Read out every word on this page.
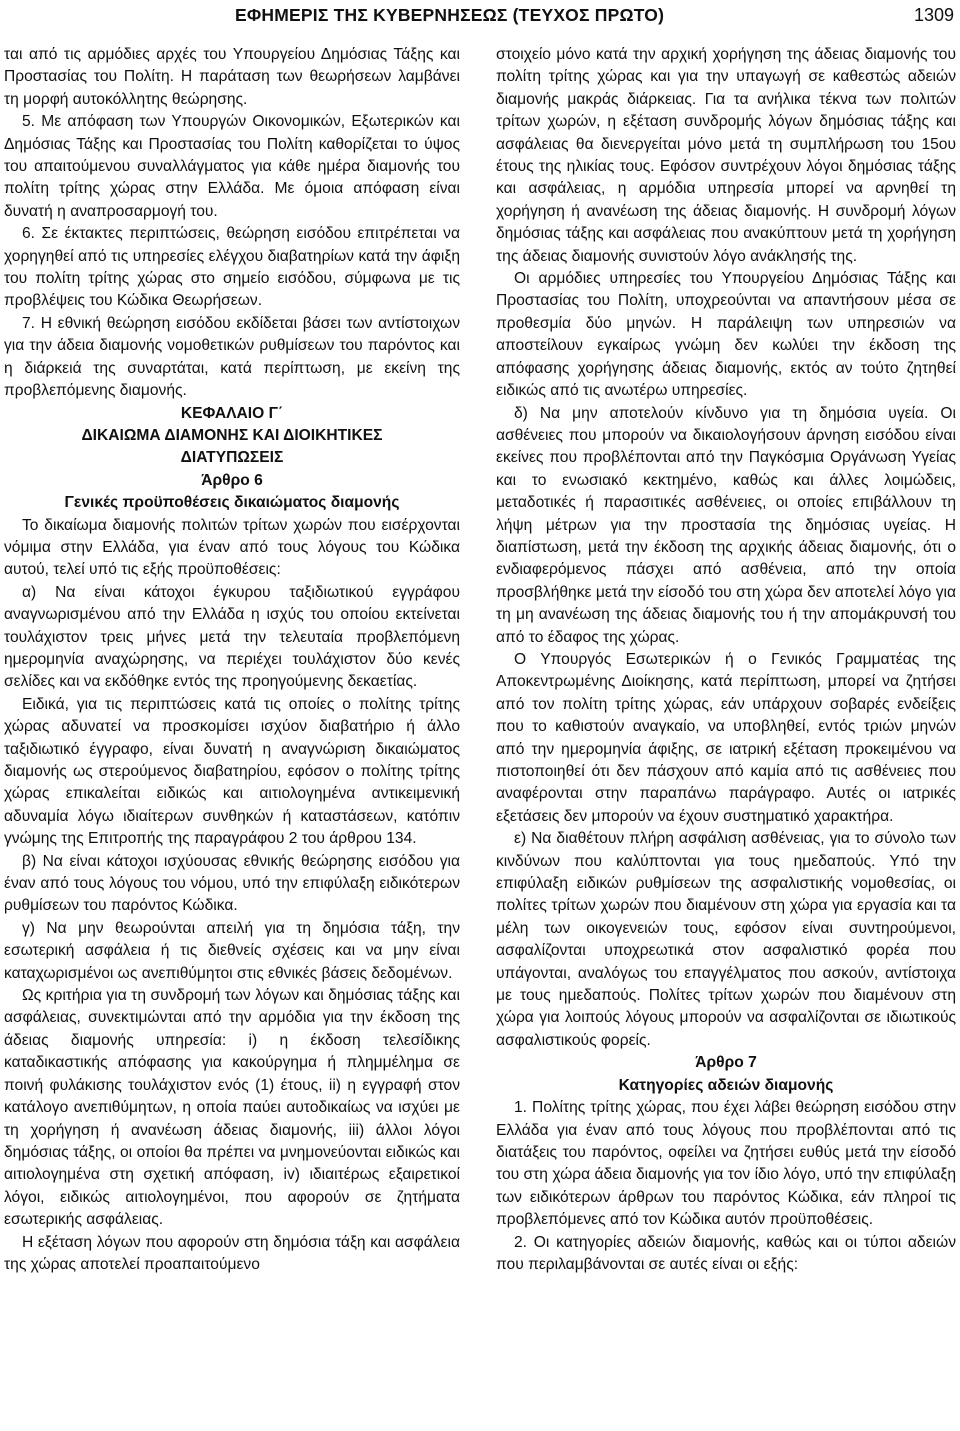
ΕΦΗΜΕΡΙΣ ΤΗΣ ΚΥΒΕΡΝΗΣΕΩΣ (ΤΕΥΧΟΣ ΠΡΩΤΟ)	1309

ται από τις αρμόδιες αρχές του Υπουργείου Δημόσιας Τάξης και Προστασίας του Πολίτη. Η παράταση των θεωρήσεων λαμβάνει τη μορφή αυτοκόλλητης θεώρησης.

5. Με απόφαση των Υπουργών Οικονομικών, Εξωτερικών και Δημόσιας Τάξης και Προστασίας του Πολίτη καθορίζεται το ύψος του απαιτούμενου συναλλάγματος για κάθε ημέρα διαμονής του πολίτη τρίτης χώρας στην Ελλάδα. Με όμοια απόφαση είναι δυνατή η αναπροσαρμογή του.

6. Σε έκτακτες περιπτώσεις, θεώρηση εισόδου επιτρέπεται να χορηγηθεί από τις υπηρεσίες ελέγχου διαβατηρίων κατά την άφιξη του πολίτη τρίτης χώρας στο σημείο εισόδου, σύμφωνα με τις προβλέψεις του Κώδικα Θεωρήσεων.

7. Η εθνική θεώρηση εισόδου εκδίδεται βάσει των αντίστοιχων για την άδεια διαμονής νομοθετικών ρυθμίσεων του παρόντος και η διάρκειά της συναρτάται, κατά περίπτωση, με εκείνη της προβλεπόμενης διαμονής.

ΚΕΦΑΛΑΙΟ Γ΄

ΔΙΚΑΙΩΜΑ ΔΙΑΜΟΝΗΣ ΚΑΙ ΔΙΟΙΚΗΤΙΚΕΣ

ΔΙΑΤΥΠΩΣΕΙΣ

Άρθρο 6

Γενικές προϋποθέσεις δικαιώματος διαμονής

Το δικαίωμα διαμονής πολιτών τρίτων χωρών που εισέρχονται νόμιμα στην Ελλάδα, για έναν από τους λόγους του Κώδικα αυτού, τελεί υπό τις εξής προϋποθέσεις:

α) Να είναι κάτοχοι έγκυρου ταξιδιωτικού εγγράφου αναγνωρισμένου από την Ελλάδα η ισχύς του οποίου εκτείνεται τουλάχιστον τρεις μήνες μετά την τελευταία προβλεπόμενη ημερομηνία αναχώρησης, να περιέχει τουλάχιστον δύο κενές σελίδες και να εκδόθηκε εντός της προηγούμενης δεκαετίας.

Ειδικά, για τις περιπτώσεις κατά τις οποίες ο πολίτης τρίτης χώρας αδυνατεί να προσκομίσει ισχύον διαβατήριο ή άλλο ταξιδιωτικό έγγραφο, είναι δυνατή η αναγνώριση δικαιώματος διαμονής ως στερούμενος διαβατηρίου, εφόσον ο πολίτης τρίτης χώρας επικαλείται ειδικώς και αιτιολογημένα αντικειμενική αδυναμία λόγω ιδιαίτερων συνθηκών ή καταστάσεων, κατόπιν γνώμης της Επιτροπής της παραγράφου 2 του άρθρου 134.

β) Να είναι κάτοχοι ισχύουσας εθνικής θεώρησης εισόδου για έναν από τους λόγους του νόμου, υπό την επιφύλαξη ειδικότερων ρυθμίσεων του παρόντος Κώδικα.

γ) Να μην θεωρούνται απειλή για τη δημόσια τάξη, την εσωτερική ασφάλεια ή τις διεθνείς σχέσεις και να μην είναι καταχωρισμένοι ως ανεπιθύμητοι στις εθνικές βάσεις δεδομένων.

Ως κριτήρια για τη συνδρομή των λόγων και δημόσιας τάξης και ασφάλειας, συνεκτιμώνται από την αρμόδια για την έκδοση της άδειας διαμονής υπηρεσία: i) η έκδοση τελεσίδικης καταδικαστικής απόφασης για κακούργημα ή πλημμέλημα σε ποινή φυλάκισης τουλάχιστον ενός (1) έτους, ii) η εγγραφή στον κατάλογο ανεπιθύμητων, η οποία παύει αυτοδικαίως να ισχύει με τη χορήγηση ή ανανέωση άδειας διαμονής, iii) άλλοι λόγοι δημόσιας τάξης, οι οποίοι θα πρέπει να μνημονεύονται ειδικώς και αιτιολογημένα στη σχετική απόφαση, iv) ιδιαιτέρως εξαιρετικοί λόγοι, ειδικώς αιτιολογημένοι, που αφορούν σε ζητήματα εσωτερικής ασφάλειας.

Η εξέταση λόγων που αφορούν στη δημόσια τάξη και ασφάλεια της χώρας αποτελεί προαπαιτούμενο

στοιχείο μόνο κατά την αρχική χορήγηση της άδειας διαμονής του πολίτη τρίτης χώρας και για την υπαγωγή σε καθεστώς αδειών διαμονής μακράς διάρκειας. Για τα ανήλικα τέκνα των πολιτών τρίτων χωρών, η εξέταση συνδρομής λόγων δημόσιας τάξης και ασφάλειας θα διενεργείται μόνο μετά τη συμπλήρωση του 15ου έτους της ηλικίας τους. Εφόσον συντρέχουν λόγοι δημόσιας τάξης και ασφάλειας, η αρμόδια υπηρεσία μπορεί να αρνηθεί τη χορήγηση ή ανανέωση της άδειας διαμονής. Η συνδρομή λόγων δημόσιας τάξης και ασφάλειας που ανακύπτουν μετά τη χορήγηση της άδειας διαμονής συνιστούν λόγο ανάκλησής της.

Οι αρμόδιες υπηρεσίες του Υπουργείου Δημόσιας Τάξης και Προστασίας του Πολίτη, υποχρεούνται να απαντήσουν μέσα σε προθεσμία δύο μηνών. Η παράλειψη των υπηρεσιών να αποστείλουν εγκαίρως γνώμη δεν κωλύει την έκδοση της απόφασης χορήγησης άδειας διαμονής, εκτός αν τούτο ζητηθεί ειδικώς από τις ανωτέρω υπηρεσίες.

δ) Να μην αποτελούν κίνδυνο για τη δημόσια υγεία. Οι ασθένειες που μπορούν να δικαιολογήσουν άρνηση εισόδου είναι εκείνες που προβλέπονται από την Παγκόσμια Οργάνωση Υγείας και το ενωσιακό κεκτημένο, καθώς και άλλες λοιμώδεις, μεταδοτικές ή παρασιτικές ασθένειες, οι οποίες επιβάλλουν τη λήψη μέτρων για την προστασία της δημόσιας υγείας. Η διαπίστωση, μετά την έκδοση της αρχικής άδειας διαμονής, ότι ο ενδιαφερόμενος πάσχει από ασθένεια, από την οποία προσβλήθηκε μετά την είσοδό του στη χώρα δεν αποτελεί λόγο για τη μη ανανέωση της άδειας διαμονής του ή την απομάκρυνσή του από το έδαφος της χώρας.

Ο Υπουργός Εσωτερικών ή ο Γενικός Γραμματέας της Αποκεντρωμένης Διοίκησης, κατά περίπτωση, μπορεί να ζητήσει από τον πολίτη τρίτης χώρας, εάν υπάρχουν σοβαρές ενδείξεις που το καθιστούν αναγκαίο, να υποβληθεί, εντός τριών μηνών από την ημερομηνία άφιξης, σε ιατρική εξέταση προκειμένου να πιστοποιηθεί ότι δεν πάσχουν από καμία από τις ασθένειες που αναφέρονται στην παραπάνω παράγραφο. Αυτές οι ιατρικές εξετάσεις δεν μπορούν να έχουν συστηματικό χαρακτήρα.

ε) Να διαθέτουν πλήρη ασφάλιση ασθένειας, για το σύνολο των κινδύνων που καλύπτονται για τους ημεδαπούς. Υπό την επιφύλαξη ειδικών ρυθμίσεων της ασφαλιστικής νομοθεσίας, οι πολίτες τρίτων χωρών που διαμένουν στη χώρα για εργασία και τα μέλη των οικογενειών τους, εφόσον είναι συντηρούμενοι, ασφαλίζονται υποχρεωτικά στον ασφαλιστικό φορέα που υπάγονται, αναλόγως του επαγγέλματος που ασκούν, αντίστοιχα με τους ημεδαπούς. Πολίτες τρίτων χωρών που διαμένουν στη χώρα για λοιπούς λόγους μπορούν να ασφαλίζονται σε ιδιωτικούς ασφαλιστικούς φορείς.

Άρθρο 7

Κατηγορίες αδειών διαμονής

1. Πολίτης τρίτης χώρας, που έχει λάβει θεώρηση εισόδου στην Ελλάδα για έναν από τους λόγους που προβλέπονται από τις διατάξεις του παρόντος, οφείλει να ζητήσει ευθύς μετά την είσοδό του στη χώρα άδεια διαμονής για τον ίδιο λόγο, υπό την επιφύλαξη των ειδικότερων άρθρων του παρόντος Κώδικα, εάν πληροί τις προβλεπόμενες από τον Κώδικα αυτόν προϋποθέσεις.

2. Οι κατηγορίες αδειών διαμονής, καθώς και οι τύποι αδειών που περιλαμβάνονται σε αυτές είναι οι εξής:
